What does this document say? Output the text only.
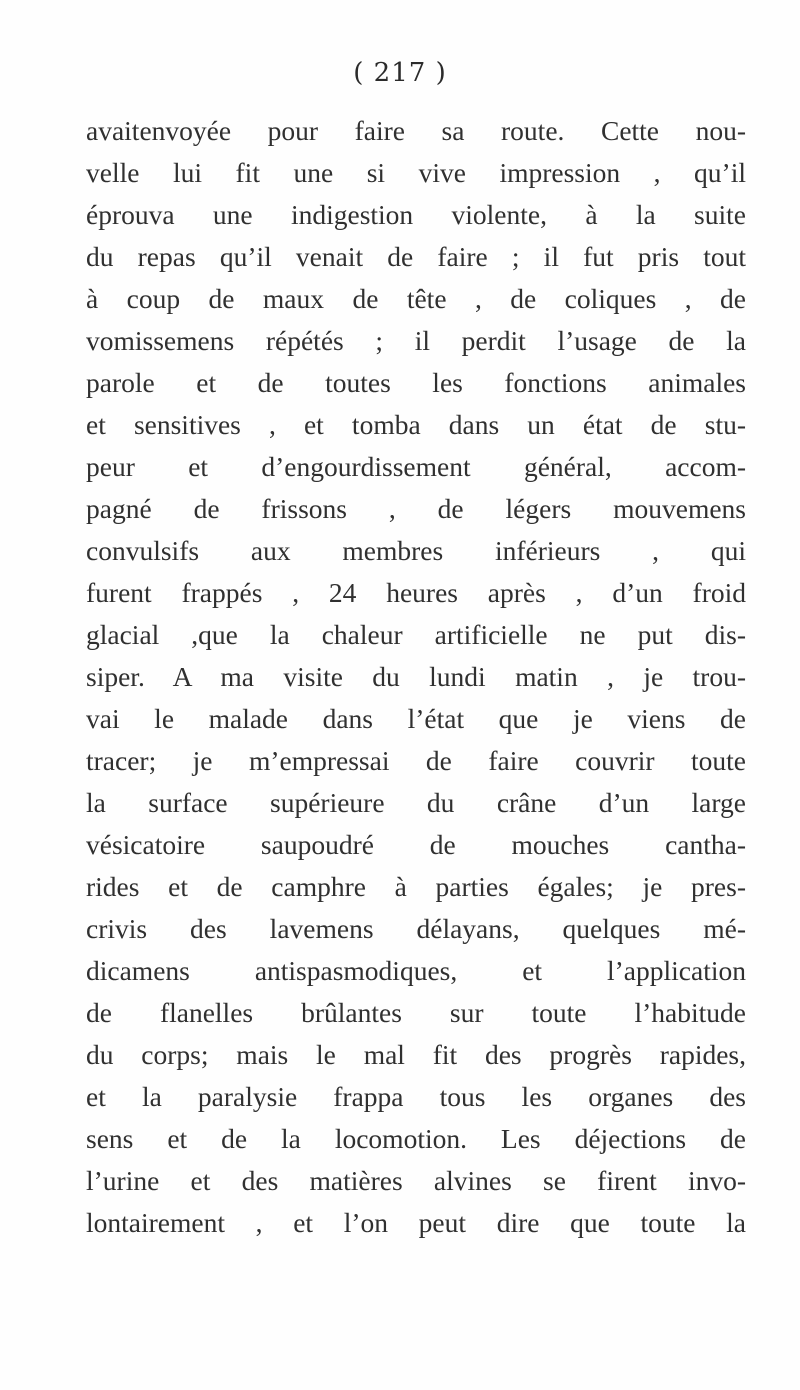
( 217 )
avaitenvoyée pour faire sa route. Cette nou-
velle lui fit une si vive impression , qu’il
éprouva une indigestion violente, à la suite
du repas qu’il venait de faire ; il fut pris tout
à coup de maux de tête , de coliques , de
vomissemens répétés ; il perdit l’usage de la
parole et de toutes les fonctions animales
et sensitives , et tomba dans un état de stu-
peur et d’engourdissement général, accom-
pagné de frissons , de légers mouvemens
convulsifs aux membres inférieurs , qui
furent frappés , 24 heures après , d’un froid
glacial ,que la chaleur artificielle ne put dis-
siper. A ma visite du lundi matin , je trou-
vai le malade dans l’état que je viens de
tracer; je m’empressai de faire couvrir toute
la surface supérieure du crâne d’un large
vésicatoire saupoudré de mouches cantha-
rides et de camphre à parties égales; je pres-
crivis des lavemens délayans, quelques mé-
dicamens antispasmodiques, et l’application
de flanelles brûlantes sur toute l’habitude
du corps; mais le mal fit des progrès rapides,
et la paralysie frappa tous les organes des
sens et de la locomotion. Les déjections de
l’urine et des matières alvines se firent invo-
lontairement , et l’on peut dire que toute la
